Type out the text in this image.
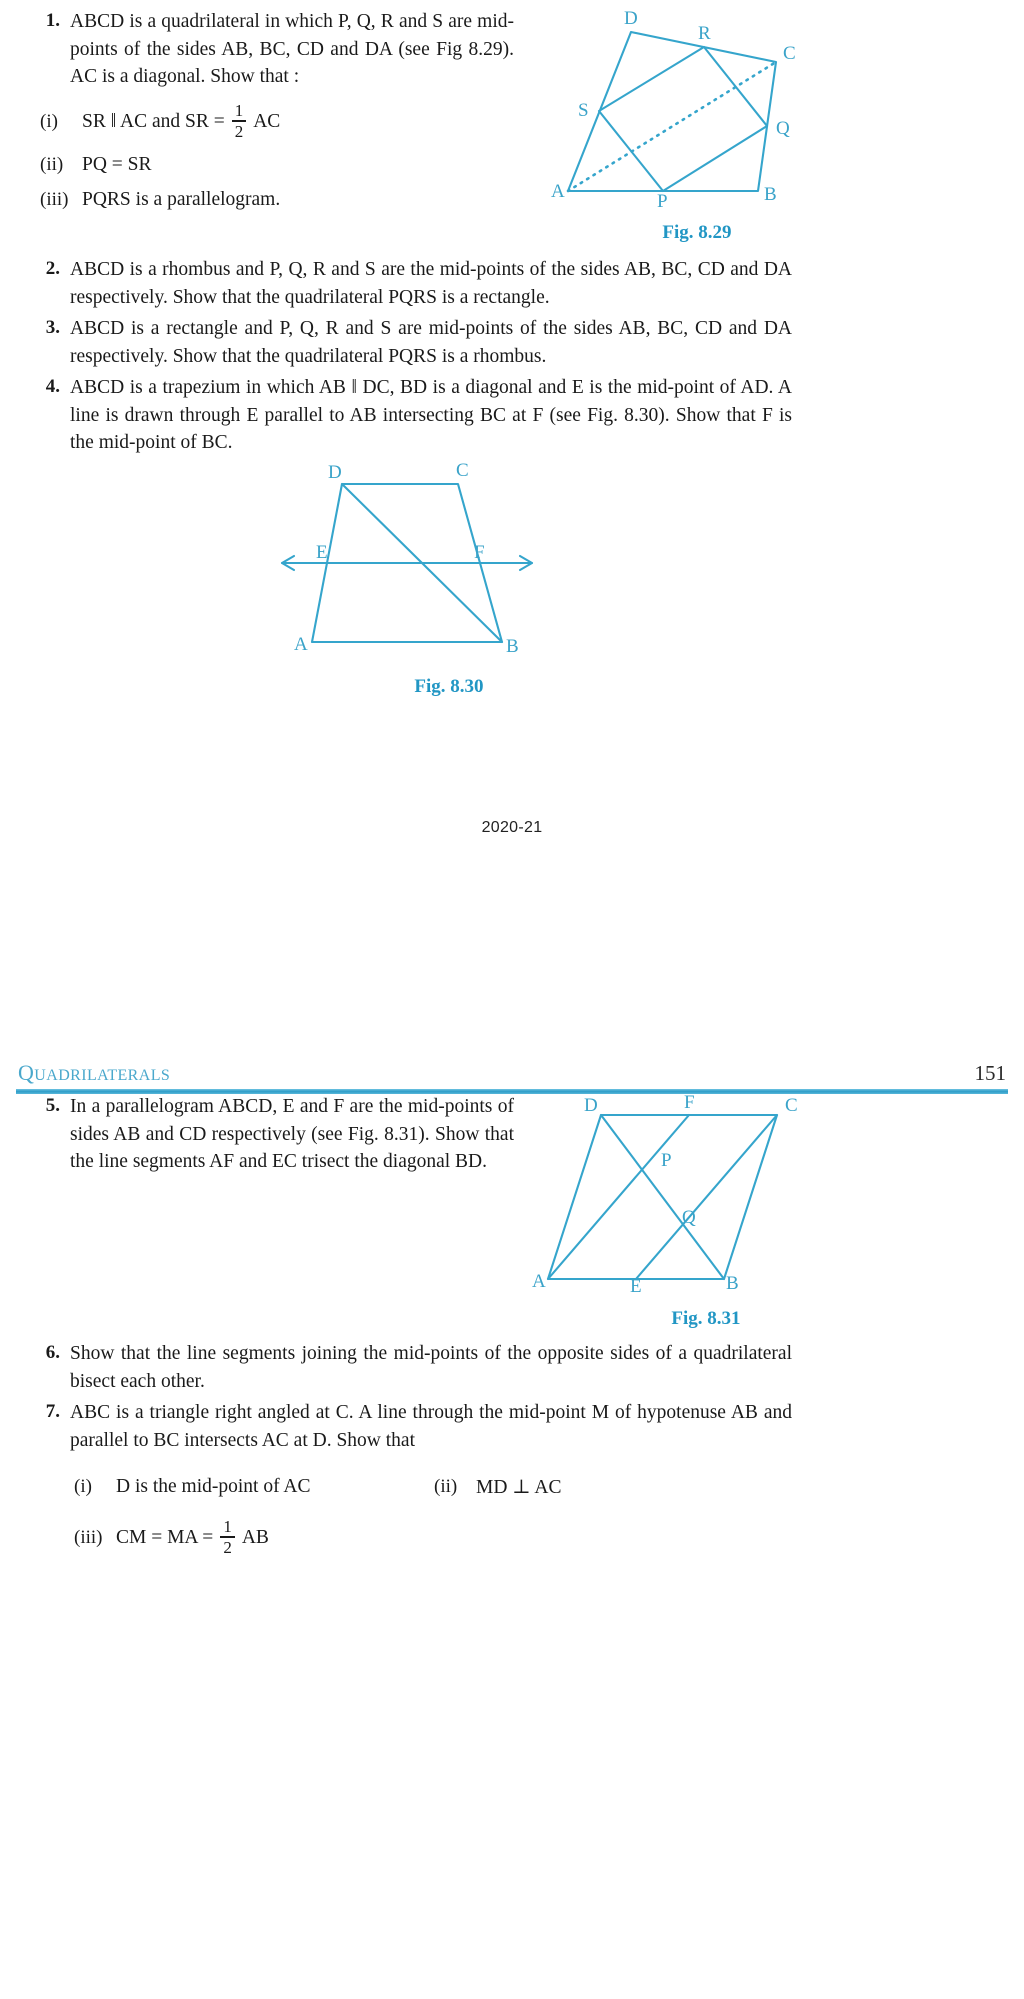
1. ABCD is a quadrilateral in which P, Q, R and S are mid-points of the sides AB, BC, CD and DA (see Fig 8.29). AC is a diagonal. Show that :
(i)	SR ‖ AC and SR = $\frac{1}{2}$ AC
(ii) PQ = SR
(iii) PQRS is a parallelogram.	A	B
C
D
P
Q
R
S
Fig. 8.29
2. ABCD is a rhombus and P, Q, R and S are the mid-points of the sides AB, BC, CD and DA respectively. Show that the quadrilateral PQRS is a rectangle.
3. ABCD is a rectangle and P, Q, R and S are mid-points of the sides AB, BC, CD and DA respectively. Show that the quadrilateral PQRS is a rhombus.
4. ABCD is a trapezium in which AB ‖ DC, BD is a diagonal and E is the mid-point of AD. A line is drawn through E parallel to AB intersecting BC at F (see Fig. 8.30). Show that F is the mid-point of BC.
A	B
C
D
E	F
Fig. 8.30
2020-21
QUADRILATERALS	151
5. In a parallelogram ABCD, E and F are the mid-points of sides AB and CD respectively (see Fig. 8.31). Show that the line segments AF and EC trisect the diagonal BD.
A	B
C
D
E
F
P
Q
Fig. 8.31
6. Show that the line segments joining the mid-points of the opposite sides of a quadrilateral bisect each other.
7. ABC is a triangle right angled at C. A line through the mid-point M of hypotenuse AB and parallel to BC intersects AC at D. Show that
(i)	D is the mid-point of AC	(ii) MD ⊥ AC
(iii) CM = MA = $\frac{1}{2}$ AB
